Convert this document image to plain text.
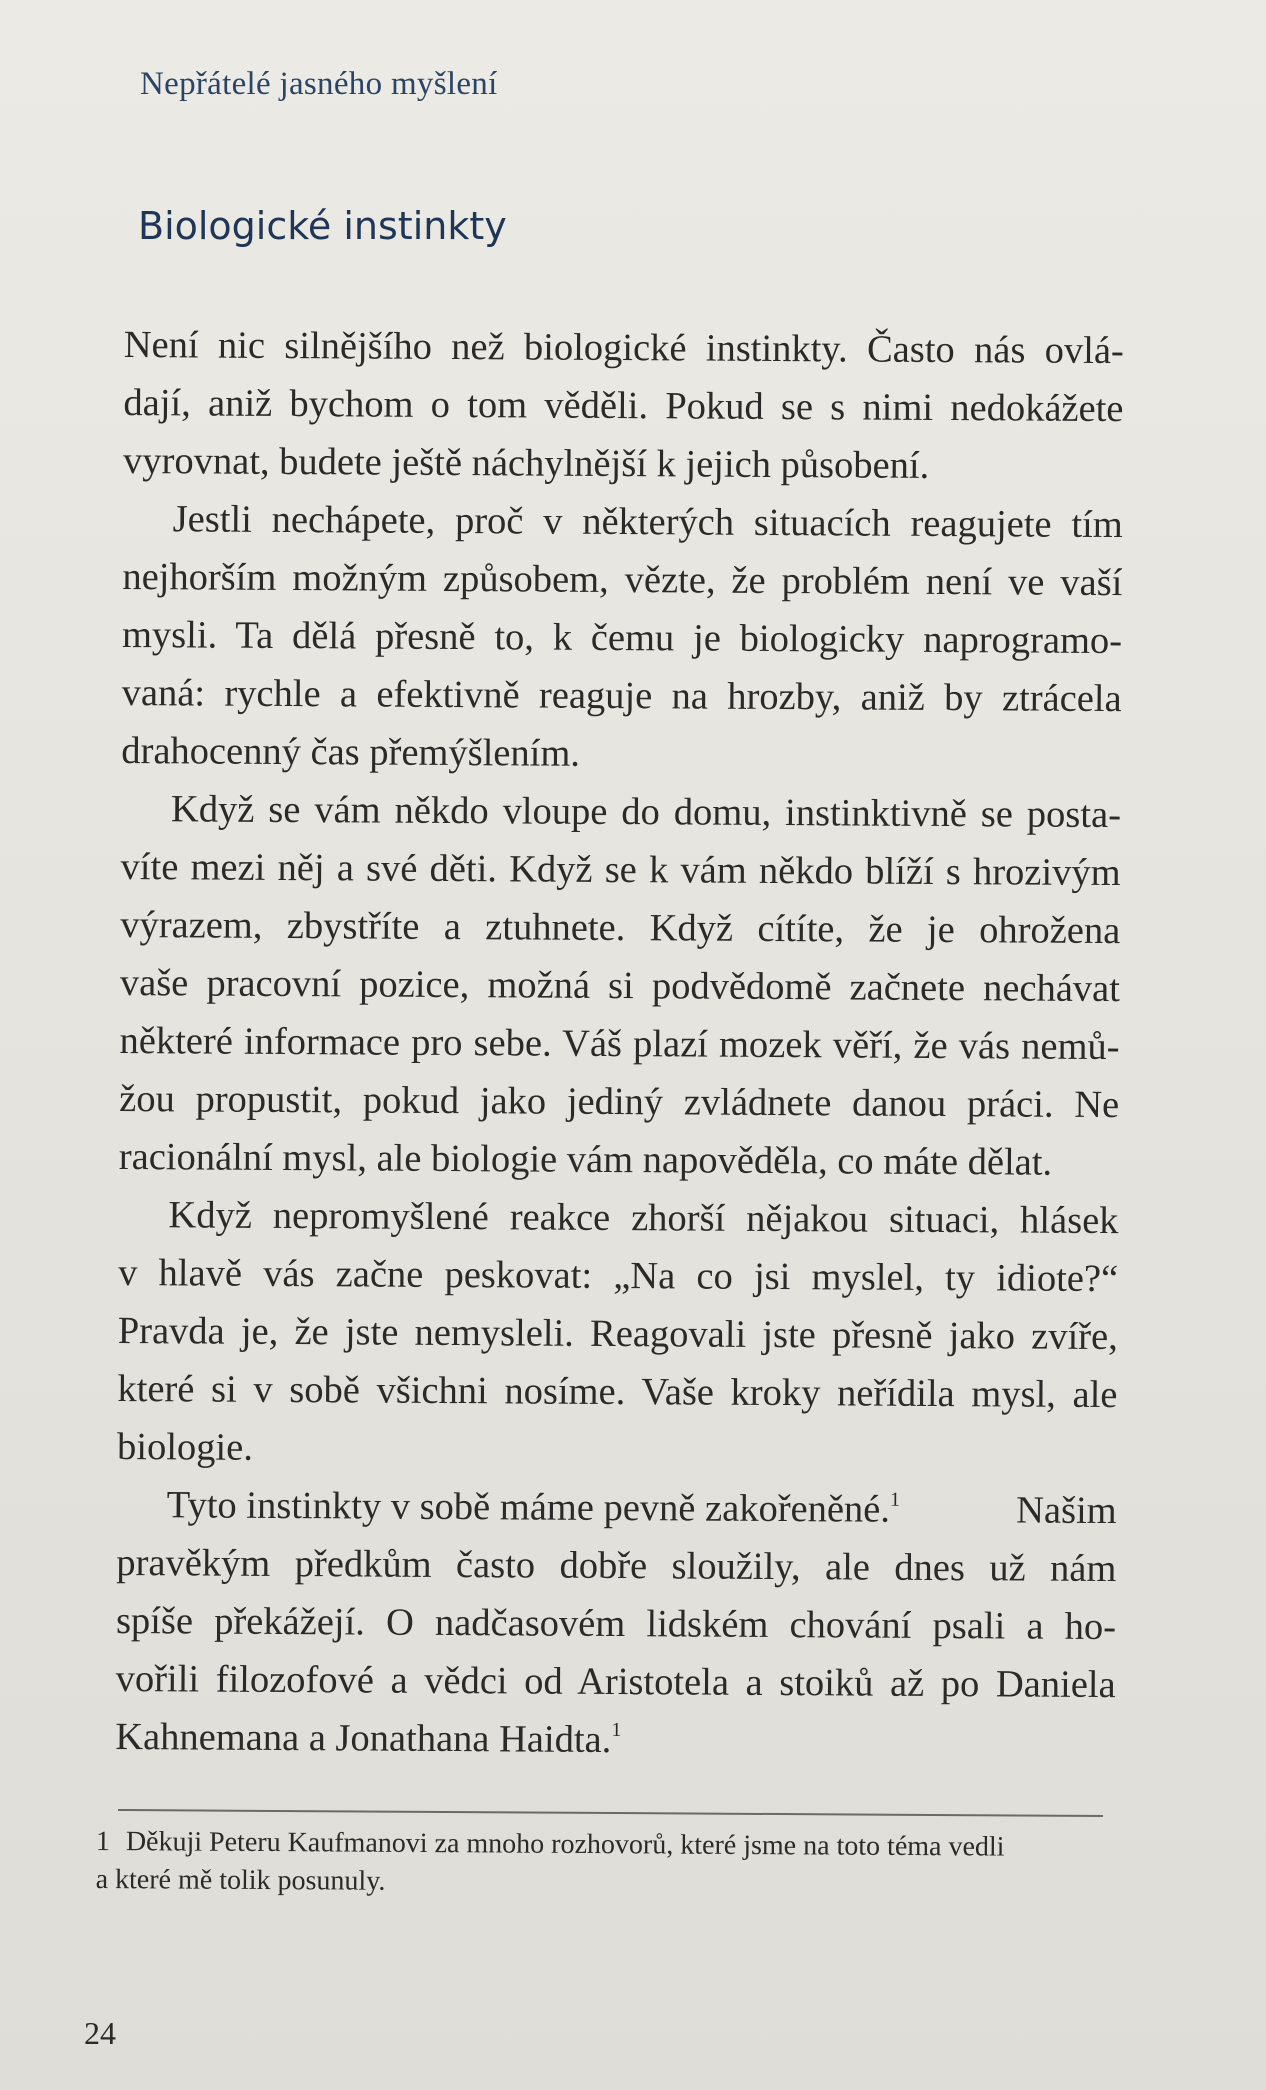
Nepřátelé jasného myšlení
Biologické instinkty

Není nic silnějšího než biologické instinkty. Často nás ovlá-
dají, aniž bychom o tom věděli. Pokud se s nimi nedokážete
vyrovnat, budete ještě náchylnější k jejich působení.

Jestli nechápete, proč v některých situacích reagujete tím
nejhorším možným způsobem, vězte, že problém není ve vaší
mysli. Ta dělá přesně to, k čemu je biologicky naprogramo-
vaná: rychle a efektivně reaguje na hrozby, aniž by ztrácela
drahocenný čas přemýšlením.

Když se vám někdo vloupe do domu, instinktivně se posta-
víte mezi něj a své děti. Když se k vám někdo blíží s hrozivým
výrazem, zbystříte a ztuhnete. Když cítíte, že je ohrožena
vaše pracovní pozice, možná si podvědomě začnete nechávat
některé informace pro sebe. Váš plazí mozek věří, že vás nemů-
žou propustit, pokud jako jediný zvládnete danou práci. Ne
racionální mysl, ale biologie vám napověděla, co máte dělat.

Když nepromyšlené reakce zhorší nějakou situaci, hlásek
v hlavě vás začne peskovat: „Na co jsi myslel, ty idiote?“
Pravda je, že jste nemysleli. Reagovali jste přesně jako zvíře,
které si v sobě všichni nosíme. Vaše kroky neřídila mysl, ale
biologie.

Tyto instinkty v sobě máme pevně zakořeněné.$^1$	Našim
pravěkým předkům často dobře sloužily, ale dnes už nám
spíše překážejí. O nadčasovém lidském chování psali a ho-
vořili filozofové a vědci od Aristotela a stoiků až po Daniela
Kahnemana a Jonathana Haidta.$^1$

1 Děkuji Peteru Kaufmanovi za mnoho rozhovorů, které jsme na toto téma vedli
a které mě tolik posunuly.
24
